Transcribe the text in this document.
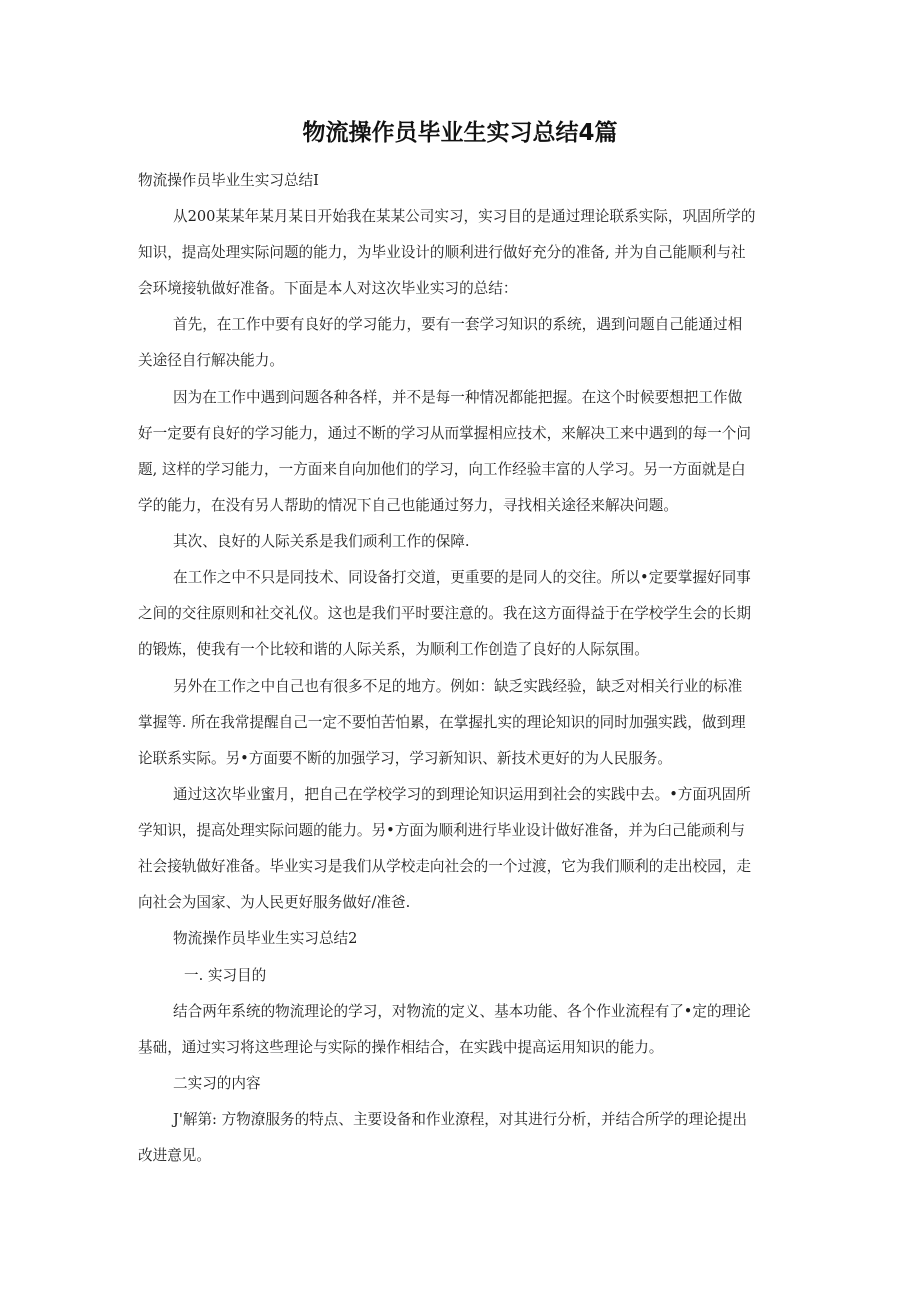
物流操作员毕业生实习总结4篇
物流操作员毕业生实习总结I
从200某某年某月某日开始我在某某公司实习，实习目的是通过理论联系实际，巩固所学的
知识，提高处理实际问题的能力，为毕业设计的顺利进行做好充分的准备, 并为自己能顺利与社
会环境接轨做好准备。下面是本人对这次毕业实习的总结：
首先，在工作中要有良好的学习能力，要有一套学习知识的系统，遇到问题自己能通过相
关途径自行解决能力。
因为在工作中遇到问题各种各样，并不是每一种情况都能把握。在这个时候要想把工作做
好一定要有良好的学习能力，通过不断的学习从而掌握相应技术，来解决工来中遇到的每一个问
题, 这样的学习能力，一方面来自向加他们的学习，向工作经验丰富的人学习。另一方面就是白
学的能力，在没有另人帮助的情况下自己也能通过努力，寻找相关途径来解决问题。
其次、良好的人际关系是我们顽利工作的保障.
在工作之中不只是同技术、同设备打交道，更重要的是同人的交往。所以•定要掌握好同事
之间的交往原则和社交礼仪。这也是我们平时要注意的。我在这方面得益于在学校学生会的长期
的锻炼，使我有一个比较和谐的人际关系，为顺利工作创造了良好的人际氛围。
另外在工作之中自己也有很多不足的地方。例如：缺乏实践经验，缺乏对相关行业的标准
掌握等. 所在我常提醒自己一定不要怕苦怕累，在掌握扎实的理论知识的同时加强实践，做到理
论联系实际。另•方面要不断的加强学习，学习新知识、新技术更好的为人民服务。
通过这次毕业蜜月，把自己在学校学习的到理论知识运用到社会的实践中去。•方面巩固所
学知识，提高处理实际问题的能力。另•方面为顺利进行毕业设计做好准备，并为臼己能顽利与
社会接轨做好准备。毕业实习是我们从学校走向社会的一个过渡，它为我们顺利的走出校园，走
向社会为国家、为人民更好服务做好/准爸.
物流操作员毕业生实习总结2
一. 实习目的
结合两年系统的物流理论的学习，对物流的定义、基本功能、各个作业流程有了•定的理论
基础，通过实习将这些理论与实际的操作相结合，在实践中提高运用知识的能力。
二实习的内容
J'解第: 方物潦服务的特点、主要设备和作业潦程，对其进行分析，并结合所学的理论提出
改进意见。
